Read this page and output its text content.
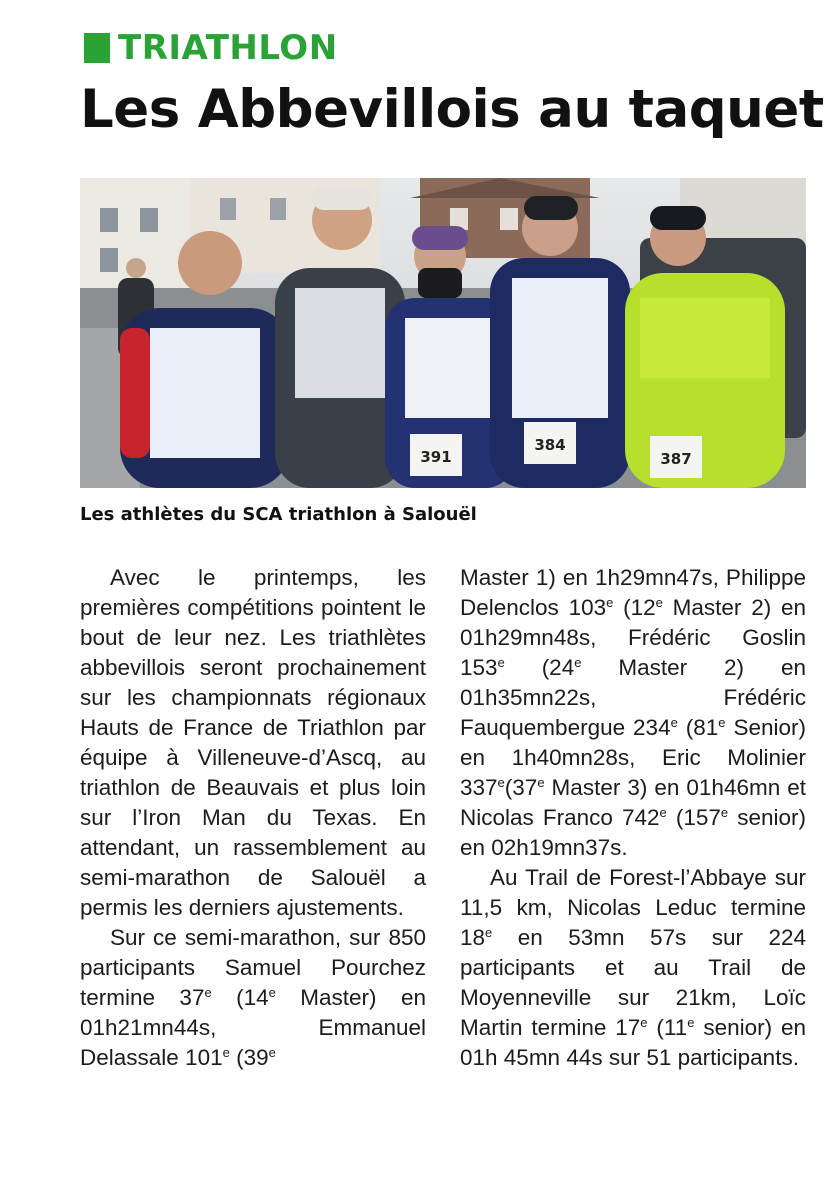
TRIATHLON
Les Abbevillois au taquet
391
384
387

Les athlètes du SCA triathlon à Salouël

Avec le printemps, les premières compétitions pointent le bout de leur nez. Les triathlètes abbevillois seront prochainement sur les championnats régionaux Hauts de France de Triathlon par équipe à Villeneuve-d’Ascq, au triathlon de Beauvais et plus loin sur l’Iron Man du Texas. En attendant, un rassemblement au semi-marathon de Salouël a permis les derniers ajustements.

Sur ce semi-marathon, sur 850 participants Samuel Pourchez termine 37e (14e Master) en 01h21mn44s, Emmanuel Delassale 101e (39e

Master 1) en 1h29mn47s, Philippe Delenclos 103e (12e Master 2) en 01h29mn48s, Frédéric Goslin 153e (24e Master 2) en 01h35mn22s, Frédéric Fauquembergue 234e (81e Senior) en 1h40mn28s, Eric Molinier 337e(37e Master 3) en 01h46mn et Nicolas Franco 742e (157e senior) en 02h19mn37s.

Au Trail de Forest-l’Abbaye sur 11,5 km, Nicolas Leduc termine 18e en 53mn 57s sur 224 participants et au Trail de Moyenneville sur 21km, Loïc Martin termine 17e (11e senior) en 01h 45mn 44s sur 51 participants.
